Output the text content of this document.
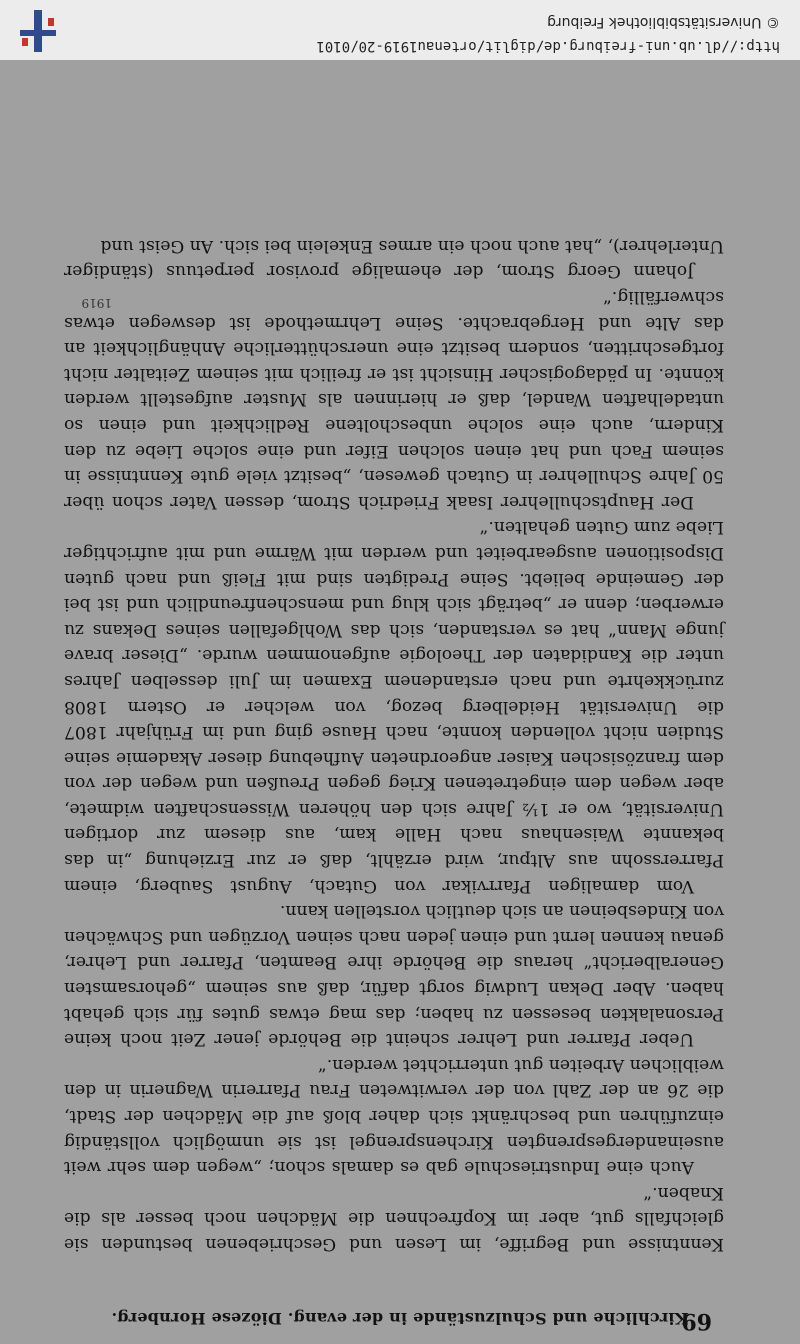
69
Kirchliche und Schulzustände in der evang. Diözese Hornberg.
1919

Kenntnisse und Begriffe, im Lesen und Geschriebenen bestunden sie gleichfalls gut, aber im Kopfrechnen die Mädchen noch besser als die Knaben.“

Auch eine Industrieschule gab es damals schon; „wegen dem sehr weit auseinandergesprengten Kirchensprengel ist sie unmöglich vollständig einzuführen und beschränkt sich daher bloß auf die Mädchen der Stadt, die 26 an der Zahl von der verwitweten Frau Pfarrerin Wagnerin in den weiblichen Arbeiten gut unterrichtet werden.“

Ueber Pfarrer und Lehrer scheint die Behörde jener Zeit noch keine Personalakten besessen zu haben; das mag etwas gutes für sich gehabt haben. Aber Dekan Ludwig sorgt dafür, daß aus seinem „gehorsamsten Generalbericht“ heraus die Behörde ihre Beamten, Pfarrer und Lehrer, genau kennen lernt und einen jeden nach seinen Vorzügen und Schwächen von Kindesbeinen an sich deutlich vorstellen kann.

Vom damaligen Pfarrvikar von Gutach, August Sauberg, einem Pfarrerssohn aus Altpur, wird erzählt, daß er zur Erziehung „in das bekannte Waisenhaus nach Halle kam, aus diesem zur dortigen Universität, wo er 1½ Jahre sich den höheren Wissenschaften widmete, aber wegen dem eingetretenen Krieg gegen Preußen und wegen der von dem französischen Kaiser angeordneten Aufhebung dieser Akademie seine Studien nicht vollenden konnte, nach Hause ging und im Frühjahr 1807 die Universität Heidelberg bezog, von welcher er Ostern 1808 zurückkehrte und nach erstandenem Examen im Juli desselben Jahres unter die Kandidaten der Theologie aufgenommen wurde. „Dieser brave junge Mann“ hat es verstanden, sich das Wohlgefallen seines Dekans zu erwerben; denn er „beträgt sich klug und menschenfreundlich und ist bei der Gemeinde beliebt. Seine Predigten sind mit Fleiß und nach guten Dispositionen ausgearbeitet und werden mit Wärme und mit aufrichtiger Liebe zum Guten gehalten.“

Der Hauptschullehrer Isaak Friedrich Strom, dessen Vater schon über 50 Jahre Schullehrer in Gutach gewesen, „besitzt viele gute Kenntnisse in seinem Fach und hat einen solchen Eifer und eine solche Liebe zu den Kindern, auch eine solche unbescholtene Redlichkeit und einen so untadelhaften Wandel, daß er hierinnen als Muster aufgestellt werden könnte. In pädagogischer Hinsicht ist er freilich mit seinem Zeitalter nicht fortgeschritten, sondern besitzt eine unerschütterliche Anhänglichkeit an das Alte und Hergebrachte. Seine Lehrmethode ist deswegen etwas schwerfällig.“

Johann Georg Strom, der ehemalige provisor perpetuus (ständiger Unterlehrer), „hat auch noch ein armes Enkelein bei sich. An Geist und

http://dl.ub.uni-freiburg.de/diglit/ortenau1919-20/0101
© Universitätsbibliothek Freiburg
